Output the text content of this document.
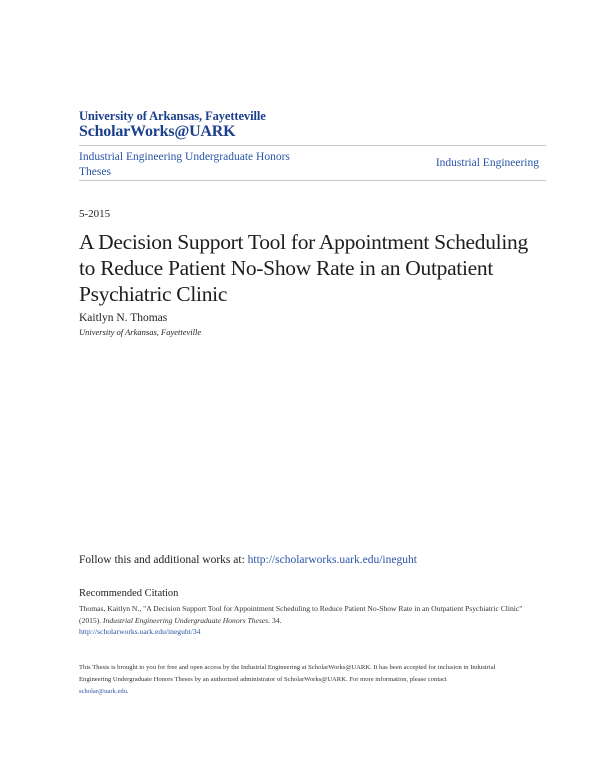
University of Arkansas, Fayetteville
ScholarWorks@UARK
Industrial Engineering Undergraduate Honors Theses
Industrial Engineering
5-2015
A Decision Support Tool for Appointment Scheduling to Reduce Patient No-Show Rate in an Outpatient Psychiatric Clinic
Kaitlyn N. Thomas
University of Arkansas, Fayetteville
Follow this and additional works at: http://scholarworks.uark.edu/ineguht
Recommended Citation
Thomas, Kaitlyn N., "A Decision Support Tool for Appointment Scheduling to Reduce Patient No-Show Rate in an Outpatient Psychiatric Clinic" (2015). Industrial Engineering Undergraduate Honors Theses. 34.
http://scholarworks.uark.edu/ineguht/34
This Thesis is brought to you for free and open access by the Industrial Engineering at ScholarWorks@UARK. It has been accepted for inclusion in Industrial Engineering Undergraduate Honors Theses by an authorized administrator of ScholarWorks@UARK. For more information, please contact
scholar@uark.edu.
